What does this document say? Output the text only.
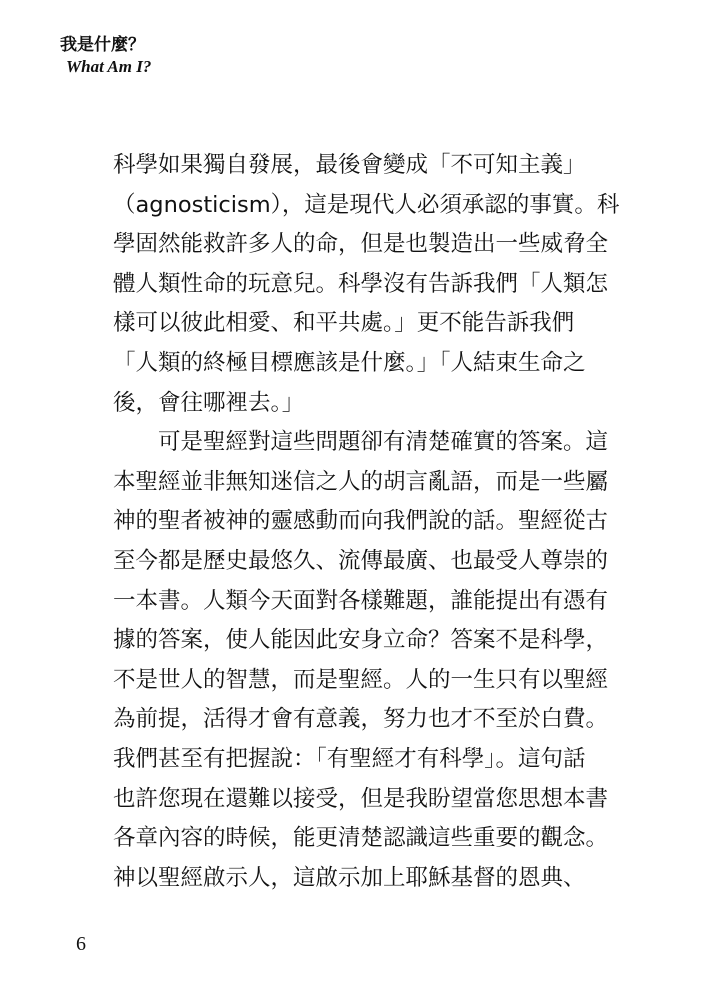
我是什麼？
What Am I?
科學如果獨自發展，最後會變成「不可知主義」
（agnosticism），這是現代人必須承認的事實。科
學固然能救許多人的命，但是也製造出一些威脅全
體人類性命的玩意兒。科學沒有告訴我們「人類怎
樣可以彼此相愛、和平共處。」更不能告訴我們
「人類的終極目標應該是什麼。」「人結束生命之
後，會往哪裡去。」
　　可是聖經對這些問題卻有清楚確實的答案。這
本聖經並非無知迷信之人的胡言亂語，而是一些屬
神的聖者被神的靈感動而向我們說的話。聖經從古
至今都是歷史最悠久、流傳最廣、也最受人尊崇的
一本書。人類今天面對各樣難題，誰能提出有憑有
據的答案，使人能因此安身立命？答案不是科學，
不是世人的智慧，而是聖經。人的一生只有以聖經
為前提，活得才會有意義，努力也才不至於白費。
我們甚至有把握說：「有聖經才有科學」。這句話
也許您現在還難以接受，但是我盼望當您思想本書
各章內容的時候，能更清楚認識這些重要的觀念。
神以聖經啟示人，這啟示加上耶穌基督的恩典、
6
